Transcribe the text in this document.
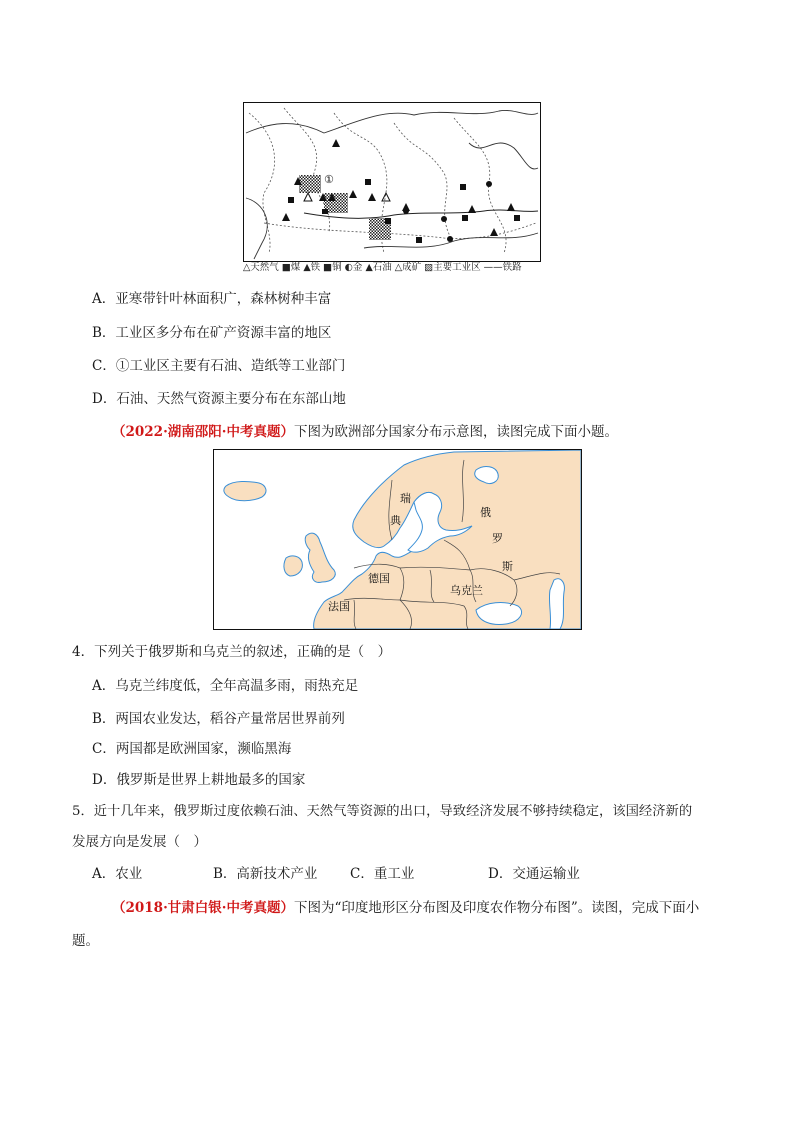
①
△天然气 ■煤 ▲铁 ■铜 ◐金 ▲石油 △成矿 ▨主要工业区 ——铁路
A．亚寒带针叶林面积广，森林树种丰富
B．工业区多分布在矿产资源丰富的地区
C．①工业区主要有石油、造纸等工业部门
D．石油、天然气资源主要分布在东部山地
（2022·湖南邵阳·中考真题）下图为欧洲部分国家分布示意图，读图完成下面小题。
瑞
典
俄
罗
斯
德国
法国
乌克兰
4．下列关于俄罗斯和乌克兰的叙述，正确的是（　）
A．乌克兰纬度低，全年高温多雨，雨热充足
B．两国农业发达，稻谷产量常居世界前列
C．两国都是欧洲国家，濒临黑海
D．俄罗斯是世界上耕地最多的国家
5．近十几年来，俄罗斯过度依赖石油、天然气等资源的出口，导致经济发展不够持续稳定，该国经济新的
发展方向是发展（　）
A．农业	B．高新技术产业 C．重工业	D．交通运输业
（2018·甘肃白银·中考真题）下图为“印度地形区分布图及印度农作物分布图”。读图，完成下面小
题。
